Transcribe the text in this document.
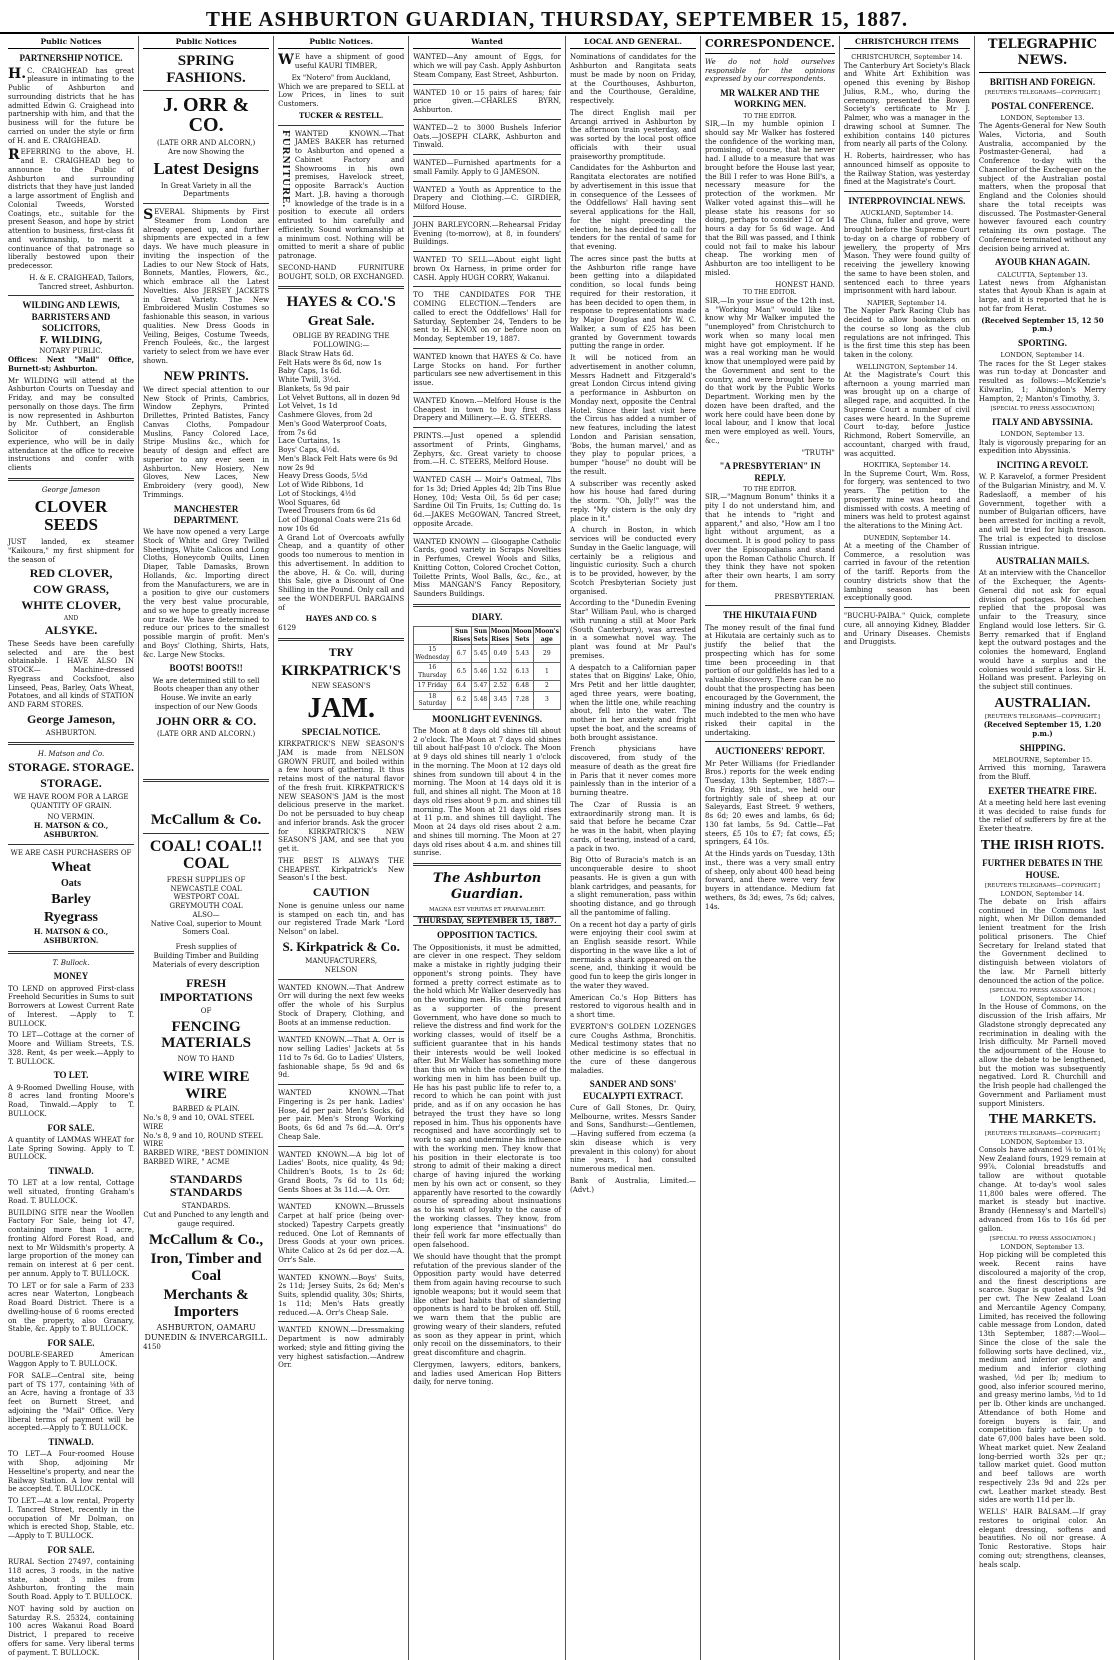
THE ASHBURTON GUARDIAN, THURSDAY, SEPTEMBER 15, 1887.
Public Notices
PARTNERSHIP NOTICE.

H.C. CRAIGHEAD has great pleasure in intimating to the Public of Ashburton and surrounding districts that he has admitted Edwin G. Craighead into partnership with him, and that the business will for the future be carried on under the style or firm of H. and E. CRAIGHEAD.

REFERRING to the above, H. and E. CRAIGHEAD beg to announce to the Public of Ashburton and surrounding districts that they have just landed a large assortment of English and Colonial Tweeds, Worsted Coatings, etc., suitable for the present Season, and hope by strict attention to business, first-class fit and workmanship, to merit a continuance of that patronage so liberally bestowed upon their predecessor.

H. & E. CRAIGHEAD, Tailors, Tancred street, Ashburton.

WILDING AND LEWIS, BARRISTERS AND SOLICITORS,
F. WILDING,
NOTARY PUBLIC.

Offices: Next "Mail" Office, Burnett-st; Ashburton.

Mr WILDING will attend at the Ashburton Courts on Tuesday and Friday, and may be consulted personally on those days. The firm is now represented in Ashburton by Mr. Cuthbert, an English Solicitor of considerable experience, who will be in daily attendance at the office to receive instructions and confer with clients

George Jameson
CLOVER SEEDS

JUST landed, ex steamer "Kaikoura," my first shipment for the season of

RED CLOVER,
COW GRASS,
WHITE CLOVER,
AND
ALSYKE.

These Seeds have been carefully selected and are the best obtainable. I HAVE ALSO IN STOCK— Machine-dressed Ryegrass and Cocksfoot, also Linseed, Peas, Barley, Oats Wheat, Potatoes, and all kinds of STATION AND FARM STORES.

George Jameson,
ASHBURTON.
H. Matson and Co.
STORAGE. STORAGE.
STORAGE.

WE HAVE ROOM FOR A LARGE QUANTITY OF GRAIN.

NO VERMIN.
H. MATSON & CO., ASHBURTON.

WE ARE CASH PURCHASERS OF

Wheat
Oats
Barley
Ryegrass
H. MATSON & CO., ASHBURTON.
T. Bullock.
MONEY

TO LEND on approved First-class Freehold Securities in Sums to suit Borrowers at Lowest Current Rate of Interest. —Apply to T. BULLOCK.

TO LET—Cottage at the corner of Moore and William Streets, T.S. 328. Rent, 4s per week.—Apply to T. BULLOCK.

TO LET.

A 9-Roomed Dwelling House, with 8 acres land fronting Moore's Road, Tinwald.—Apply to T. BULLOCK.

FOR SALE.

A quantity of LAMMAS WHEAT for Late Spring Sowing. Apply to T. BULLOCK.

TINWALD.

TO LET at a low rental, Cottage well situated, fronting Graham's Road. T. BULLOCK.

BUILDING SITE near the Woollen Factory For Sale, being lot 47, containing more than 1 acre, fronting Alford Forest Road, and next to Mr Wildsmith's property. A large proportion of the money can remain on interest at 6 per cent. per annum. Apply to T. BULLOCK.

TO LET or for sale a Farm of 233 acres near Waterton, Longbeach Road Board District. There is a dwelling-house of 6 rooms erected on the property, also Granary, Stable, &c. Apply to T. BULLOCK.

FOR SALE.

DOUBLE-SEARED American Waggon Apply to T. BULLOCK.

FOR SALE—Central site, being part of TS 177, containing ⅛th of an Acre, having a frontage of 33 feet on Burnett Street, and adjoining the "Mail" Office. Very liberal terms of payment will be accepted.—Apply to T. BULLOCK.

TINWALD.

TO LET—A Four-roomed House with Shop, adjoining Mr Hesseltine's property, and near the Railway Station. A low rental will be accepted. T. BULLOCK.

TO LET.—At a low rental, Property I. Tancred Street, recently in the occupation of Mr Dolman, on which is erected Shop, Stable, etc.—Apply to T. BULLOCK.

FOR SALE.

RURAL Section 27497, containing 118 acres, 3 roods, in the native state, about 3 miles from Ashburton, fronting the main South Road. Apply to T. BULLOCK.

NOT having sold by auction on Saturday R.S. 25324, containing 100 acres Wakanui Road Board District, I prepared to receive offers for same. Very liberal terms of payment. T. BULLOCK.

Public Notices
SPRING FASHIONS.
J. ORR & CO.
(LATE ORR AND ALCORN,)
Are now Showing the
Latest Designs
In Great Variety in all the Departments

SEVERAL Shipments by First Steamer from London are already opened up, and further shipments are expected in a few days. We have much pleasure in inviting the inspection of the Ladies to our New Stock of Hats, Bonnets, Mantles, Flowers, &c., which embrace all the Latest Novelties. Also JERSEY JACKETS in Great Variety. The New Embroidered Muslin Costumes so fashionable this season, in various qualities. New Dress Goods in Veiling, Beiges, Costume Tweeds, French Fouleés, &c., the largest variety to select from we have ever shown.

NEW PRINTS.

We direct special attention to our New Stock of Prints, Cambrics, Window Zephyrs, Printed Drillettes, Printed Batistes, Fancy Canvas Cloths, Pompadour Muslins, Fancy Colored Lace, Stripe Muslins &c., which for beauty of design and effect are superior to any ever seen in Ashburton. New Hosiery, New Gloves, New Laces, New Embroidery (very good), New Trimmings.

MANCHESTER DEPARTMENT.

We have now opened a very Large Stock of White and Grey Twilled Sheetings, White Calicos and Long Cloths, Honeycomb Quilts, Linen Diaper, Table Damasks, Brown Hollands, &c. Importing direct from the Manufacturers, we are in a position to give our customers the very best value procurable, and so we hope to greatly increase our trade. We have determined to reduce our prices to the smallest possible margin of profit. Men's and Boys' Clothing, Shirts, Hats, &c. Large New Stocks.

BOOTS! BOOTS!!

We are determined still to sell Boots cheaper than any other House. We invite an early inspection of our New Goods

JOHN ORR & CO.
(LATE ORR AND ALCORN.)
McCallum & Co.
COAL! COAL!! COAL
FRESH SUPPLIES OF
NEWCASTLE COAL
WESTPORT COAL
GREYMOUTH COAL
ALSO—
Native Coal, superior to Mount Somers Coal.
Fresh supplies of
Building Timber and Building Materials of every description
FRESH IMPORTATIONS
OF
FENCING MATERIALS
NOW TO HAND
WIRE WIRE WIRE
BARBED & PLAIN.
No.'s 8, 9 and 10, OVAL STEEL WIRE
No.'s 8, 9 and 10, ROUND STEEL WIRE
BARBED WIRE, "BEST DOMINION
BARBED WIRE, " ACME
STANDARDS STANDARDS
STANDARDS.

Cut and Punched to any length and gauge required.

McCallum & Co.,
Iron, Timber and Coal
Merchants & Importers
ASHBURTON, OAMARU DUNEDIN & INVERCARGILL.
4150
Public Notices.

WE have a shipment of good useful KAURI TIMBER,

Ex "Notero" from Auckland,

Which we are prepared to SELL at Low Prices, in lines to suit Customers.

TUCKER & RESTELL.
FURNITURE. WANTED KNOWN.—That JAMES BAKER has returned to Ashburton and opened a Cabinet Factory and Showrooms in his own premises, Havelock street, opposite Barrack's Auction Mart. J.B. having a thorough knowledge of the trade is in a position to execute all orders entrusted to him carefully and efficiently. Sound workmanship at a minimum cost. Nothing will be omitted to merit a share of public patronage.

SECOND-HAND FURNITURE BOUGHT, SOLD, OR EXCHANGED.

HAYES & CO.'S
Great Sale.
OBLIGE BY READING THE FOLLOWING:—
Black Straw Hats 6d.
Felt Hats were 8s 6d, now 1s
Baby Caps, 1s 6d.
White Twill, 3½d.
Blankets, 5s 9d pair
Lot Velvet Buttons, all in dozen 9d
Lot Velvet, 1s 1d
Cashmere Gloves, from 2d
Men's Good Waterproof Coats, from 7s 6d
Lace Curtains, 1s
Boys' Caps, 4½d.
Men's Black Felt Hats were 6s 9d now 2s 9d
Heavy Dress Goods, 5½d
Lot of Wide Ribbons, 1d
Lot of Stockings, 4½d
Wool Squares, 6d
Tweed Trousers from 6s 6d
Lot of Diagonal Coats were 21s 6d now 10s 6d

A Grand Lot of Overcoats awfully Cheap, and a quantity of other goods too numerous to mention in this advertisement. In addition to the above, H. & Co. will, during this Sale, give a Discount of One Shilling in the Pound. Only call and see the WONDERFUL BARGAINS of

HAYES AND CO. S
6129
TRY
KIRKPATRICK'S
NEW SEASON'S
JAM.
SPECIAL NOTICE.

KIRKPATRICK'S NEW SEASON'S JAM is made from NELSON GROWN FRUIT, and boiled within a few hours of gathering. It thus retains most of the natural flavor of the fresh fruit. KIRKPATRICK'S NEW SEASON'S JAM is the most delicious preserve in the market. Do not be persuaded to buy cheap and inferior brands. Ask the grocer for KIRKPATRICK'S NEW SEASON'S JAM, and see that you get it.

THE BEST IS ALWAYS THE CHEAPEST. Kirkpatrick's New Season's I the best.

CAUTION

None is genuine unless our name is stamped on each tin, and has our registered Trade Mark "Lord Nelson" on label.

S. Kirkpatrick & Co.
MANUFACTURERS,
NELSON

WANTED KNOWN.—That Andrew Orr will during the next few weeks offer the whole of his Surplus Stock of Drapery, Clothing, and Boots at an immense reduction.

WANTED KNOWN.—That A. Orr is now selling Ladies' Jackets at 5s 11d to 7s 6d. Go to Ladies' Ulsters, fashionable shape, 5s 9d and 6s 9d.

WANTED KNOWN.—That Fingering is 2s per hank. Ladies' Hose, 4d per pair. Men's Socks, 6d per pair. Men's Strong Working Boots, 6s 6d and 7s 6d.—A. Orr's Cheap Sale.

WANTED KNOWN.—A big lot of Ladies' Boots, nice quality, 4s 9d; Children's Boots, 1s to 2s 6d; Grand Boots, 7s 6d to 11s 6d; Gents Shoes at 3s 11d.—A. Orr.

WANTED KNOWN.—Brussels Carpet at half price (being over-stocked) Tapestry Carpets greatly reduced. One Lot of Remnants of Dress Goods at your own prices. White Calico at 2s 6d per doz.—A. Orr's Sale.

WANTED KNOWN.—Boys' Suits, 2s 11d; Jersey Suits, 2s 6d; Men's Suits, splendid quality, 30s; Shirts, 1s 11d; Men's Hats greatly reduced.—A. Orr's Cheap Sale.

WANTED KNOWN.—Dressmaking Department is now admirably worked; style and fitting giving the very highest satisfaction.—Andrew Orr.

Wanted

WANTED—Any amount of Eggs, for which we will pay Cash. Apply Ashburton Steam Company, East Street, Ashburton.

WANTED 10 or 15 pairs of hares; fair price given.—CHARLES BYRN, Ashburton.

WANTED—2 to 3000 Bushels Inferior Oats.—JOSEPH CLARK, Ashburton and Tinwald.

WANTED—Furnished apartments for a small Family. Apply to G JAMESON.

WANTED a Youth as Apprentice to the Drapery and Clothing.—C. GIRDIER, Milford House.

JOHN BARLEYCORN.—Rehearsal Friday Evening (to-morrow), at 8, in founders' Buildings.

WANTED TO SELL—About eight light brown Ox Harness, in prime order for CASH. Apply HUGH CORRY, Wakanui.

TO THE CANDIDATES FOR THE COMING ELECTION.—Tenders are called to erect the Oddfellows' Hall for Saturday, September 24, Tenders to be sent to H. KNOX on or before noon on Monday, September 19, 1887.

WANTED known that HAYES & Co. have Large Stocks on hand. For further particulars see new advertisement in this issue.

WANTED Known.—Melford House is the Cheapest in town to buy first class Drapery and Millinery.—E. G. STEERS.

PRINTS.—Just opened a splendid assortment of Prints, Ginghams, Zephyrs, &c. Great variety to choose from.—H. C. STEERS, Melford House.

WANTED CASH — Moir's Oatmeal, 7lbs for 1s 3d; Dried Apples 4d; 2lb Tins Blue Honey, 10d; Vesta Oil, 5s 6d per case; Sardine Oil Tin Fruits, 1s; Cutting do. 1s 6d.—JAKES McGOWAN, Tancred Street, opposite Arcade.

WANTED KNOWN — Gloogaphe Catholic Cards, good variety in Scraps Novelties in Perfumes, Crewel Wools and Silks, Knitting Cotton, Colored Crochet Cotton, Toilette Prints, Wool Balls, &c., &c., at Miss MANGAN'S Fancy Repository, Saunders Buildings.

DIARY.
	Sun Rises	Sun Sets	Moon Rises	Moon Sets	Moon's age
15 Wednesday	6.7	5.45	0.49	5.43	29
16 Thursday	6.5	5.46	1.52	6.13	1
17 Friday	6.4	5.47	2.52	6.48	2
18 Saturday	6.2	5.48	3.45	7.28	3
MOONLIGHT EVENINGS.

The Moon at 8 days old shines till about 2 o'clock. The Moon at 7 days old shines till about half-past 10 o'clock. The Moon at 9 days old shines till nearly 1 o'clock in the morning. The Moon at 12 days old shines from sundown till about 4 in the morning. The Moon at 14 days old it is full, and shines all night. The Moon at 18 days old rises about 9 p.m. and shines till morning. The Moon at 21 days old rises at 11 p.m. and shines till daylight. The Moon at 24 days old rises about 2 a.m. and shines till morning. The Moon at 27 days old rises about 4 a.m. and shines till sunrise.

The Ashburton Guardian.
MAGNA EST VERITAS ET PRAEVALEBIT.
THURSDAY, SEPTEMBER 15, 1887.
OPPOSITION TACTICS.

The Oppositionists, it must be admitted, are clever in one respect. They seldom make a mistake in rightly judging their opponent's strong points. They have formed a pretty correct estimate as to the hold which Mr Walker deservedly has on the working men. His coming forward as a supporter of the present Government, who have done so much to relieve the distress and find work for the working classes, would of itself be a sufficient guarantee that in his hands their interests would be well looked after. But Mr Walker has something more than this on which the confidence of the working men in him has been built up. He has his past public life to refer to, a record to which he can point with just pride, and as if on any occasion he has betrayed the trust they have so long reposed in him. Thus his opponents have recognised and have accordingly set to work to sap and undermine his influence with the working men. They know that his position in their electorate is too strong to admit of their making a direct charge of having injured the working men by his own act or consent, so they apparently have resorted to the cowardly course of spreading about insinuations as to his want of loyalty to the cause of the working classes. They know, from long experience that "insinuations" do their fell work far more effectually than open falsehood.

We should have thought that the prompt refutation of the previous slander of the Opposition party would have deterred them from again having recourse to such ignoble weapons; but it would seem that like other bad habits that of slandering opponents is hard to be broken off. Still, we warn them that the public are growing weary of their slanders, refuted as soon as they appear in print, which only recoil on the disseminators, to their great discomfiture and chagrin.

Clergymen, lawyers, editors, bankers, and ladies used American Hop Bitters daily, for nerve toning.

LOCAL AND GENERAL.

Nominations of candidates for the Ashburton and Rangitata seats must be made by noon on Friday, at the Courthouses, Ashburton, and the Courthouse, Geraldine, respectively.

The direct English mail per Arcangi arrived in Ashburton by the afternoon train yesterday, and was sorted by the local post office officials with their usual praiseworthy promptitude.

Candidates for the Ashburton and Rangitata electorates are notified by advertisement in this issue that in consequence of the Lessees of the Oddfellows' Hall having sent several applications for the Hall, for the night preceding the election, he has decided to call for tenders for the rental of same for that evening.

The acres since past the butts at the Ashburton rifle range have been getting into a dilapidated condition, so local funds being required for their restoration, it has been decided to open them, in response to representations made by Major Douglas and Mr W. C. Walker, a sum of £25 has been granted by Government towards putting the range in order.

It will be noticed from an advertisement in another column, Messrs Hadnett and Fitzgerald's great London Circus intend giving a performance in Ashburton on Monday next, opposite the Central Hotel. Since their last visit here the Circus has added a number of new features, including the latest London and Parisian sensation, 'Bobs, the human marvel,' and as they play to popular prices, a bumper "house" no doubt will be the result.

A subscriber was recently asked how his house had fared during the storm. "Oh, Jolly!" was the reply. "My cistern is the only dry place in it."

A church in Boston, in which services will be conducted every Sunday in the Gaelic language, will certainly be a religious and linguistic curiosity. Such a church is to be provided, however, by the Scotch Presbyterian Society just organised.

According to the "Dunedin Evening Star" William Paul, who is charged with running a still at Moor Park (South Canterbury), was arrested in a somewhat novel way. The plant was found at Mr Paul's premises.

A despatch to a Californian paper states that on Biggins' Lake, Ohio, Mrs Petit and her little daughter, aged three years, were boating, when the little one, while reaching about, fell into the water. The mother in her anxiety and fright upset the boat, and the screams of both brought assistance.

French physicians have discovered, from study of the measure of death as the great fire in Paris that it never comes more painlessly than in the interior of a burning theatre.

The Czar of Russia is an extraordinarily strong man. It is said that before he became Czar he was in the habit, when playing cards, of tearing, instead of a card, a pack in two.

Big Otto of Buracia's match is an unconquerable desire to shoot peasants. He is given a gun with blank cartridges, and peasants, for a slight remuneration, pass within shooting distance, and go through all the pantomime of falling.

On a recent hot day a party of girls were enjoying their cool swim at an English seaside resort. While disporting in the wave like a lot of mermaids a shark appeared on the scene, and, thinking it would be good fun to keep the girls longer in the water they waved.

American Co.'s Hop Bitters has restored to vigorous health and in a short time.

EVERTON'S GOLDEN LOZENGES cure Coughs Asthma, Bronchitis. Medical testimony states that no other medicine is so effectual in the cure of these dangerous maladies.

SANDER AND SONS' EUCALYPTI EXTRACT.

Cure of Gall Stones, Dr. Quiry, Melbourne, writes. Messrs Sander and Sons, Sandhurst:—Gentlemen,—Having suffered from eczema (a skin disease which is very prevalent in this colony) for about nine years, I had consulted numerous medical men.

Bank of Australia, Limited.—(Advt.)

CORRESPONDENCE.

We do not hold ourselves responsible for the opinions expressed by our correspondents.

MR WALKER AND THE WORKING MEN.
TO THE EDITOR.

SIR,—In my humble opinion I should say Mr Walker has fostered the confidence of the working man, promising, of course, that he never had. I allude to a measure that was brought before the House last year, the Bill I refer to was Hone Bill's, a necessary measure for the protection of the workmen. Mr Walker voted against this—will he please state his reasons for so doing, perhaps to consider 12 or 14 hours a day for 5s 6d wage. And that the Bill was passed, and I think could not fail to make his labour cheap. The working men of Ashburton are too intelligent to be misled.

HONEST HAND.
TO THE EDITOR.

SIR,—In your issue of the 12th inst. a "Working Man" would like to know why Mr Walker imputed the "unemployed" from Christchurch to work when so many local men might have got employment. If he was a real working man he would know that unemployed were paid by the Government and sent to the country, and were brought here to do that work by the Public Works Department. Working men by the dozen have been drafted, and the work here could have been done by local labour, and I know that local men were employed as well. Yours, &c.,

"TRUTH"
"A PRESBYTERIAN" IN REPLY.
TO THE EDITOR.

SIR,—"Magnum Bonum" thinks it a pity I do not understand him, and that he intends to "right and apparent," and also, "How am I too light without argument, as a document. It is good policy to pass over the Episcopalians and stand upon the Roman Catholic Church. If they think they have not spoken after their own hearts, I am sorry for them.

PRESBYTERIAN.
THE HIKUTAIA FUND

The money result of the final fund at Hikutaia are certainly such as to justify the belief that the prospecting which has for some time been proceeding in that portion of our goldfields has led to a valuable discovery. There can be no doubt that the prospecting has been encouraged by the Government, the mining industry and the country is much indebted to the men who have risked their capital in the undertaking.

AUCTIONEERS' REPORT.

Mr Peter Williams (for Friedlander Bros.) reports for the week ending Tuesday, 13th September, 1887:—On Friday, 9th inst., we held our fortnightly sale of sheep at our Saleyards, East Street. 9 wethers, 8s 6d; 20 ewes and lambs, 6s 6d; 130 fat lambs, 5s 9d. Cattle—Fat steers, £5 10s to £7; fat cows, £5; springers, £4 10s.

At the Hinds yards on Tuesday, 13th inst., there was a very small entry of sheep, only about 400 head being forward, and there were very few buyers in attendance. Medium fat wethers, 8s 3d; ewes, 7s 6d; calves, 14s.

CHRISTCHURCH ITEMS
CHRISTCHURCH, September 14.

The Canterbury Art Society's Black and White Art Exhibition was opened this evening by Bishop Julius, R.M., who, during the ceremony, presented the Bowen Society's certificate to Mr J. Palmer, who was a manager in the drawing school at Sumner. The exhibition contains 140 pictures from nearly all parts of the Colony.

H. Roberts, hairdresser, who has announced himself as opposite to the Railway Station, was yesterday fined at the Magistrate's Court.

INTERPROVINCIAL NEWS.
AUCKLAND, September 14.

The Cluna, fuller and grove, were brought before the Supreme Court to-day on a charge of robbery of jewellery, the property of Mrs Mason. They were found guilty of receiving the jewellery knowing the same to have been stolen, and sentenced each to three years imprisonment with hard labour.

NAPIER, September 14.

The Napier Park Racing Club has decided to allow bookmakers on the course so long as the club regulations are not infringed. This is the first time this step has been taken in the colony.

WELLINGTON, September 14.

At the Magistrate's Court this afternoon a young married man was brought up on a charge of alleged rape, and acquitted. In the Supreme Court a number of civil cases were heard. In the Supreme Court to-day, before Justice Richmond, Robert Somerville, an accountant, charged with fraud, was acquitted.

HOKITIKA, September 14.

In the Supreme Court, Wm. Ross, for forgery, was sentenced to two years. The petition to the prosperity mine was heard and dismissed with costs. A meeting of miners was held to protest against the alterations to the Mining Act.

DUNEDIN, September 14.

At a meeting of the Chamber of Commerce, a resolution was carried in favour of the retention of the tariff. Reports from the country districts show that the lambing season has been exceptionally good.

"BUCHU-PAIBA." Quick, complete cure, all annoying Kidney, Bladder and Urinary Diseases. Chemists and Druggists.

TELEGRAPHIC NEWS.
BRITISH AND FOREIGN.
[REUTER'S TELEGRAMS—COPYRIGHT.]
POSTAL CONFERENCE.
LONDON, September 13.

The Agents-General for New South Wales, Victoria, and South Australia, accompanied by the Postmaster-General, had a Conference to-day with the Chancellor of the Exchequer on the subject of the Australian postal matters, when the proposal that England and the Colonies should share the total receipts was discussed. The Postmaster-General however favoured each country retaining its own postage. The Conference terminated without any decision being arrived at.

AYOUB KHAN AGAIN.
CALCUTTA, September 13.

Latest news from Afghanistan states that Ayoub Khan is again at large, and it is reported that he is not far from Herat.

(Received September 15, 12 50 p.m.)
SPORTING.
LONDON, September 14.

The races for the St Leger stakes was run to-day at Doncaster and resulted as follows:—McKenzie's Kilwarlin, 1; Abingdon's Merry Hampton, 2; Manton's Timothy, 3.

[SPECIAL TO PRESS ASSOCIATION]
ITALY AND ABYSSINIA.
LONDON, September 13.

Italy is vigorously preparing for an expedition into Abyssinia.

INCITING A REVOLT.

W. P. Karavelof, a former President of the Bulgarian Ministry, and M. V. Radeslaoff, a member of his Government, together with a number of Bulgarian officers, have been arrested for inciting a revolt, and will be tried for high treason. The trial is expected to disclose Russian intrigue.

AUSTRALIAN MAILS.

At an interview with the Chancellor of the Exchequer, the Agents-General did not ask for equal division of postages. Mr Goschen replied that the proposal was unfair to the Treasury, since England would lose letters. Sir G. Berry remarked that if England kept the outward postages and the colonies the homeward, England would have a surplus and the colonies would suffer a loss. Sir H. Holland was present. Parleying on the subject still continues.

AUSTRALIAN.
[REUTER'S TELEGRAMS—COPYRIGHT.]
(Received September 15, 1.20 p.m.)
SHIPPING.
MELBOURNE, September 15.

Arrived this morning, Tarawera from the Bluff.

EXETER THEATRE FIRE.

At a meeting held here last evening it was decided to raise funds for the relief of sufferers by fire at the Exeter theatre.

THE IRISH RIOTS.
FURTHER DEBATES IN THE HOUSE.
[REUTER'S TELEGRAMS—COPYRIGHT.]
LONDON, September 14.

The debate on Irish affairs continued in the Commons last night, when Mr Dillon demanded lenient treatment for the Irish political prisoners. The Chief Secretary for Ireland stated that the Government declined to distinguish between violators of the law. Mr Parnell bitterly denounced the action of the police.

[SPECIAL TO PRESS ASSOCIATION.]
LONDON, September 14.

In the House of Commons, on the discussion of the Irish affairs, Mr Gladstone strongly deprecated any recrimination in dealing with the Irish difficulty. Mr Parnell moved the adjournment of the House to allow the debate to be lengthened, but the motion was subsequently negatived. Lord R. Churchill and the Irish people had challenged the Government and Parliament must support Ministers.

THE MARKETS.
[REUTER'S TELEGRAMS—COPYRIGHT.]
LONDON, September 13.

Consols have advanced ⅛ to 101⅜; New Zealand fours, 1929 remain at 99⅞. Colonial breadstuffs and tallow are without quotable change. At to-day's wool sales 11,800 bales were offered. The market is steady but inactive. Brandy (Hennessy's and Martell's) advanced from 16s to 16s 6d per gallon.

[SPECIAL TO PRESS ASSOCIATION.]
LONDON, September 13.

Hop picking will be completed this week. Recent rains have discoloured a majority of the crop, and the finest descriptions are scarce. Sugar is quoted at 12s 9d per cwt. The New Zealand Loan and Mercantile Agency Company, Limited, has received the following cable message from London, dated 13th September, 1887:—Wool—Since the close of the sale the following sorts have declined, viz., medium and inferior greasy and medium and inferior clothing washed, ½d per lb; medium to good, also inferior scoured merino, and greasy merino lambs, ½d to 1d per lb. Other kinds are unchanged. Attendance of both Home and foreign buyers is fair, and competition fairly active. Up to date 67,000 bales have been sold. Wheat market quiet. New Zealand long-berried worth 32s per qr.; tallow market quiet. Good mutton and beef tallows are worth respectively 23s 9d and 22s per cwt. Leather market steady. Best sides are worth 11d per lb.

WELLS' HAIR BALSAM.—If gray restores to original color. An elegant dressing, softens and beautifies. No oil nor grease. A Tonic Restorative. Stops hair coming out; strengthens, cleanses, heals scalp.
